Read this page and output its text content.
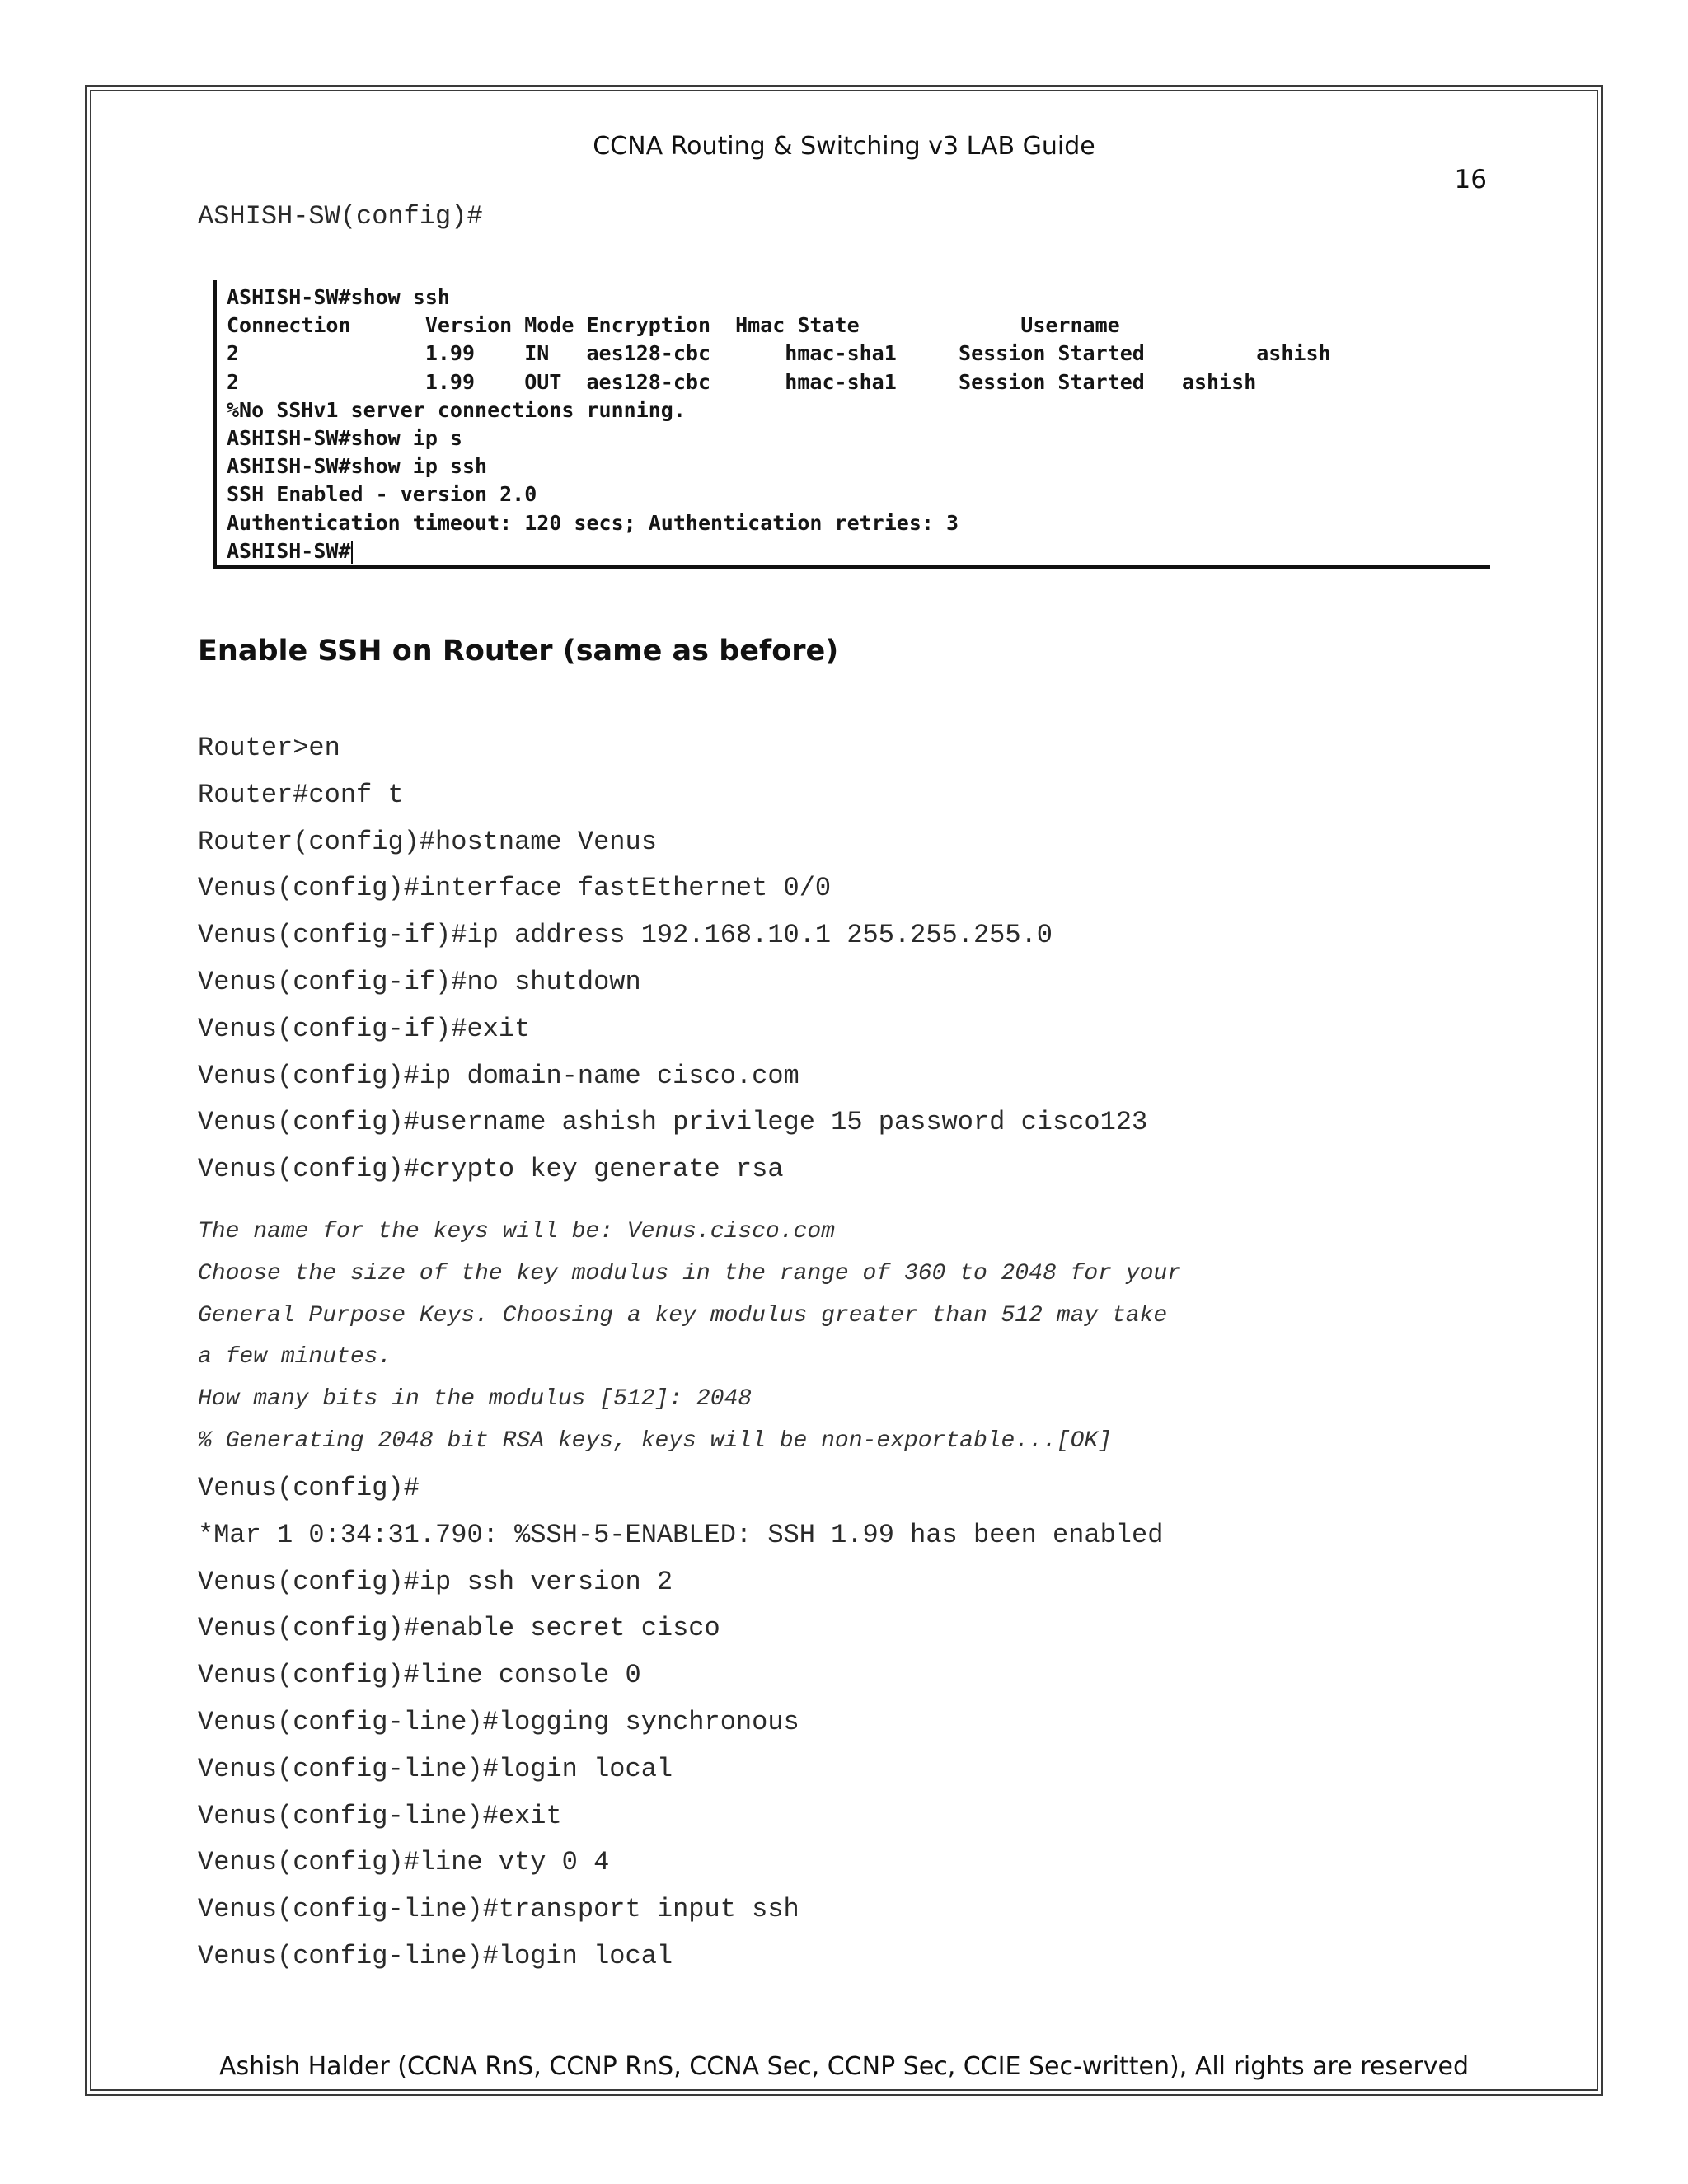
CCNA Routing & Switching v3 LAB Guide
16
ASHISH-SW(config)#
ASHISH-SW#show ssh
Connection      Version Mode Encryption  Hmac State             Username
2               1.99    IN   aes128-cbc      hmac-sha1     Session Started         ashish
2               1.99    OUT  aes128-cbc      hmac-sha1     Session Started   ashish
%No SSHv1 server connections running.
ASHISH-SW#show ip s
ASHISH-SW#show ip ssh
SSH Enabled - version 2.0
Authentication timeout: 120 secs; Authentication retries: 3
ASHISH-SW#
Enable SSH on Router (same as before)
Router>en
Router#conf t
Router(config)#hostname Venus
Venus(config)#interface fastEthernet 0/0
Venus(config-if)#ip address 192.168.10.1 255.255.255.0
Venus(config-if)#no shutdown
Venus(config-if)#exit
Venus(config)#ip domain-name cisco.com
Venus(config)#username ashish privilege 15 password cisco123
Venus(config)#crypto key generate rsa
The name for the keys will be: Venus.cisco.com
Choose the size of the key modulus in the range of 360 to 2048 for your
General Purpose Keys. Choosing a key modulus greater than 512 may take
a few minutes.
How many bits in the modulus [512]: 2048
% Generating 2048 bit RSA keys, keys will be non-exportable...[OK]
Venus(config)#
*Mar 1 0:34:31.790: %SSH-5-ENABLED: SSH 1.99 has been enabled
Venus(config)#ip ssh version 2
Venus(config)#enable secret cisco
Venus(config)#line console 0
Venus(config-line)#logging synchronous
Venus(config-line)#login local
Venus(config-line)#exit
Venus(config)#line vty 0 4
Venus(config-line)#transport input ssh
Venus(config-line)#login local
Ashish Halder (CCNA RnS, CCNP RnS, CCNA Sec, CCNP Sec, CCIE Sec-written), All rights are reserved
